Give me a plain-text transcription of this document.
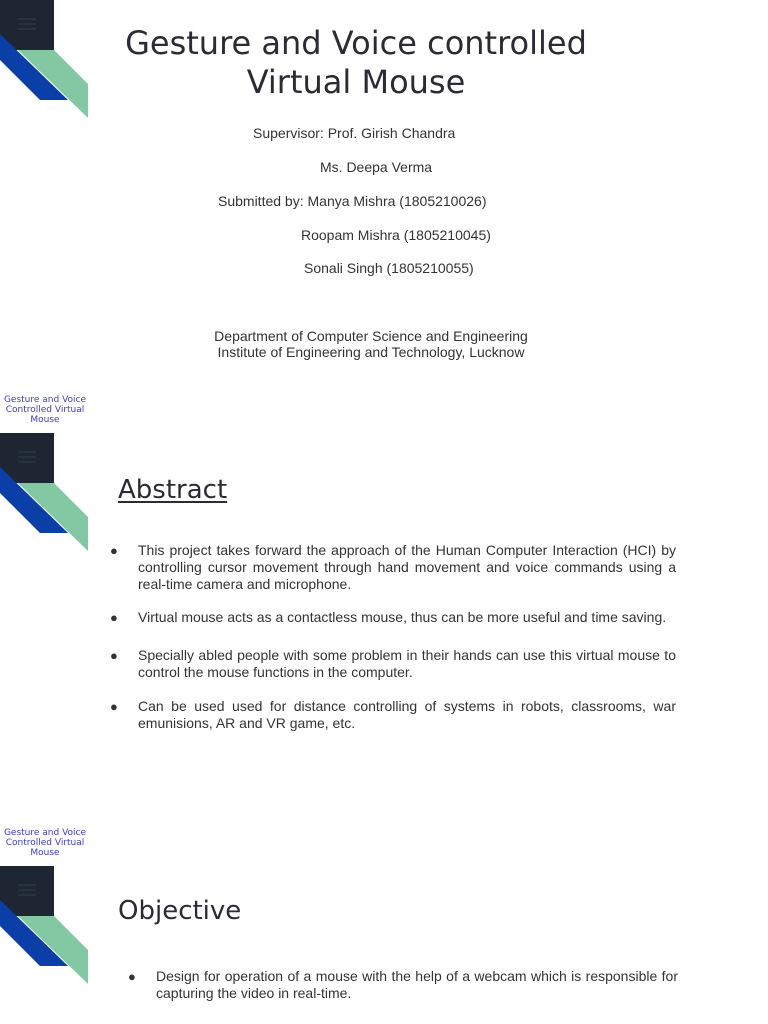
Gesture and Voice controlled
Virtual Mouse
Supervisor: Prof. Girish Chandra
Ms. Deepa Verma
Submitted by: Manya Mishra (1805210026)
Roopam Mishra (1805210045)
Sonali Singh (1805210055)
Department of Computer Science and Engineering
Institute of Engineering and Technology, Lucknow
Gesture and Voice Controlled Virtual Mouse
Abstract
● This project takes forward the approach of the Human Computer Interaction (HCI) by controlling cursor movement through hand movement and voice commands using a real-time camera and microphone.
● Virtual mouse acts as a contactless mouse, thus can be more useful and time saving.
● Specially abled people with some problem in their hands can use this virtual mouse to control the mouse functions in the computer.
● Can be used used for distance controlling of systems in robots, classrooms, war emunisions, AR and VR game, etc.
Gesture and Voice Controlled Virtual Mouse
Objective
● Design for operation of a mouse with the help of a webcam which is responsible for capturing the video in real-time.
